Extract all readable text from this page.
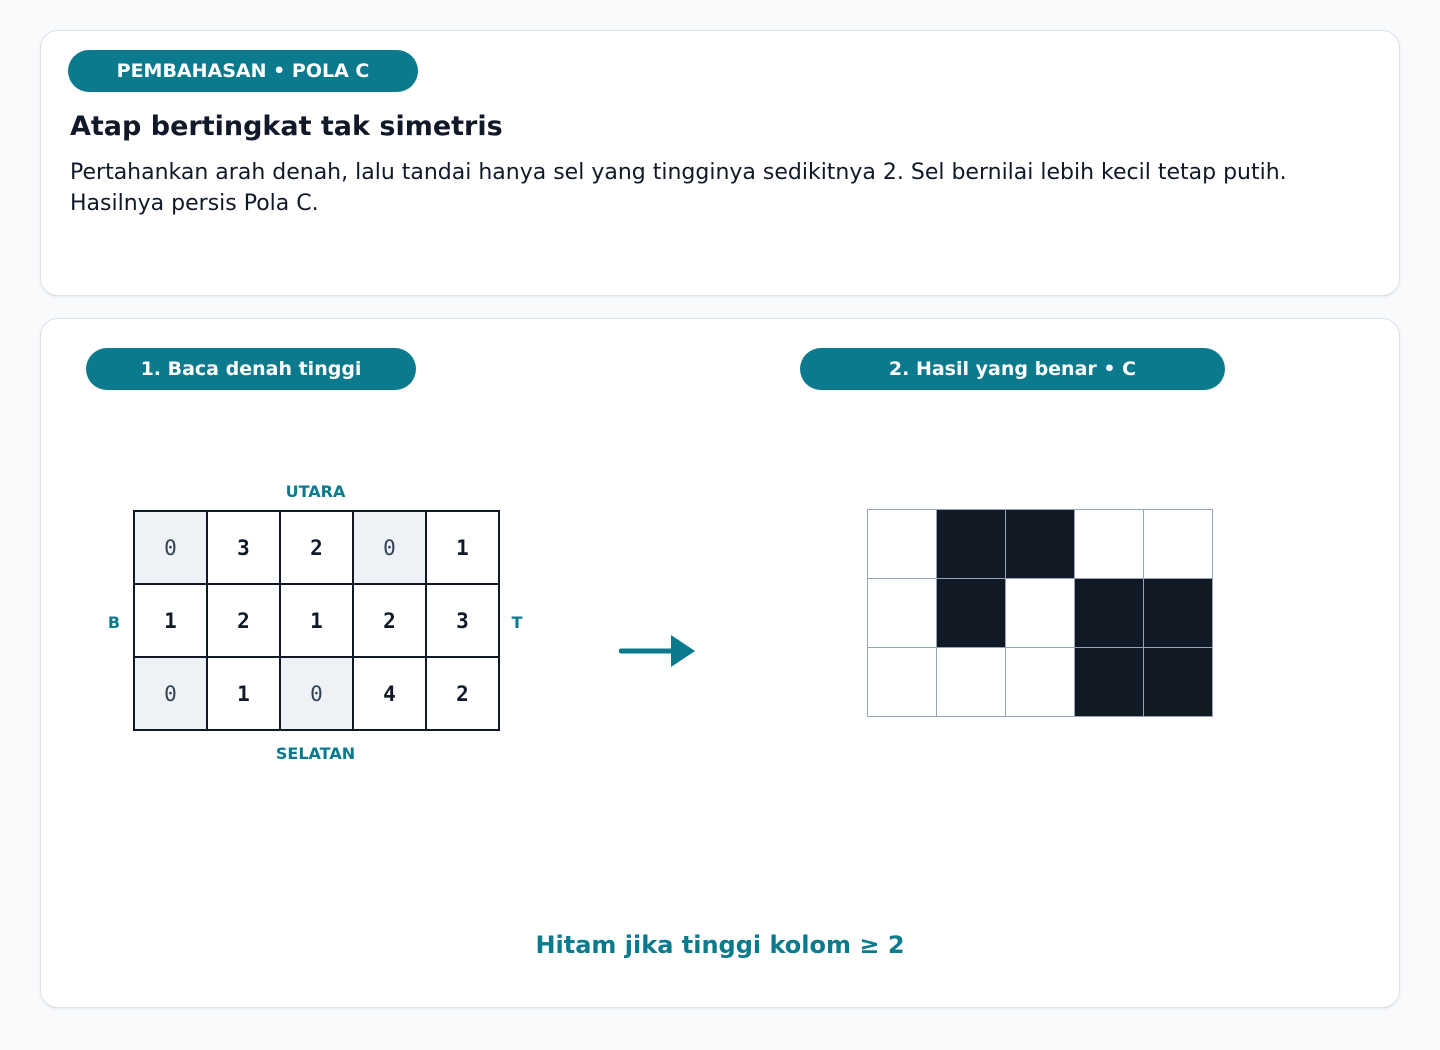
PEMBAHASAN • POLA C
Atap bertingkat tak simetris

Pertahankan arah denah, lalu tandai hanya sel yang tingginya sedikitnya 2. Sel bernilai lebih kecil tetap putih. Hasilnya persis Pola C.

1. Baca denah tinggi	2. Hasil yang benar • C
UTARA
SELATAN
B	T
0	3	2	0	1
1	2	1	2	3
0	1	0	4	2
Hitam jika tinggi kolom ≥ 2
